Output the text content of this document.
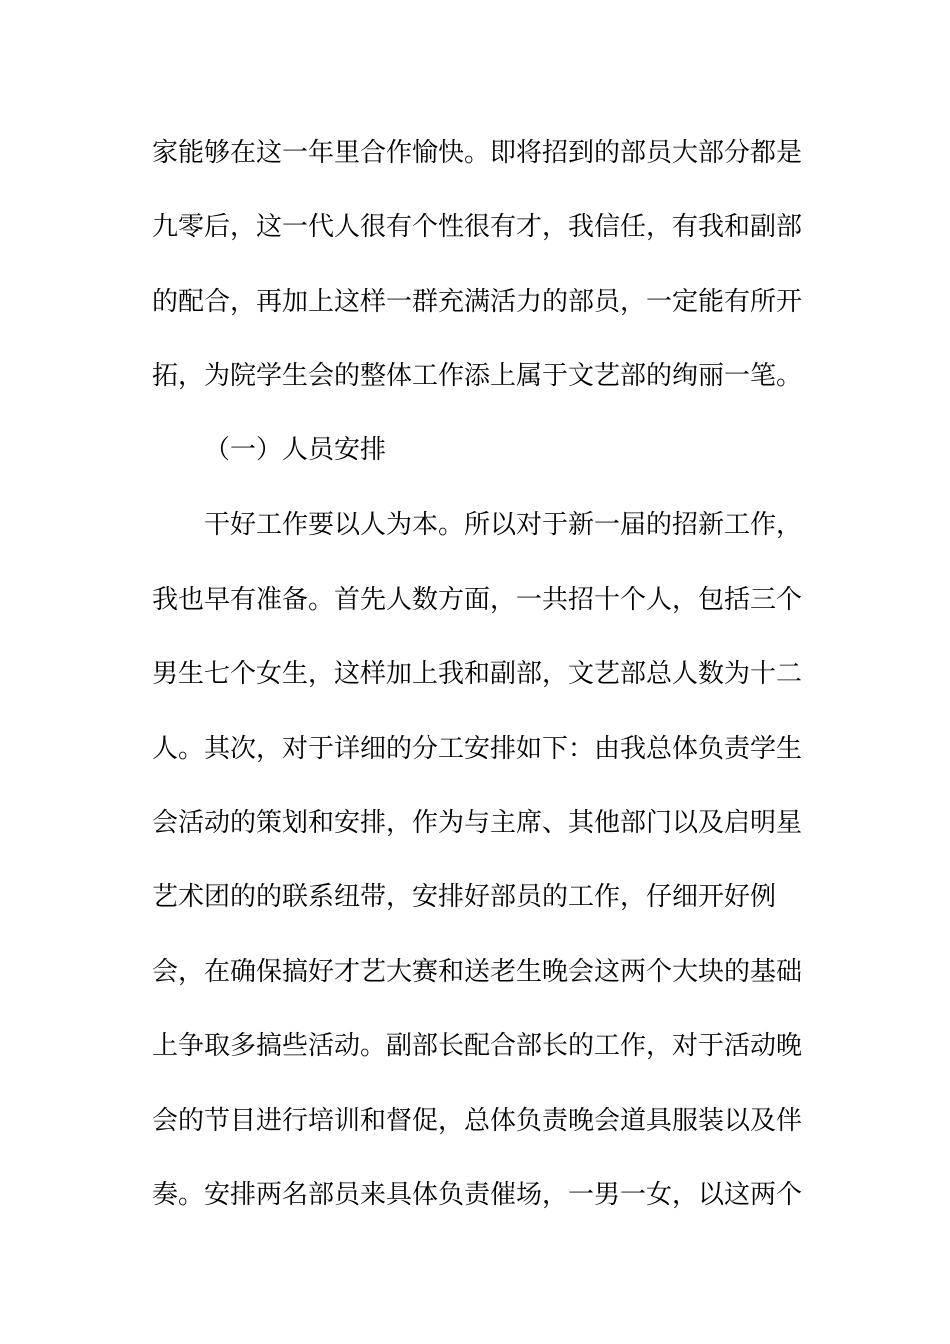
家能够在这一年里合作愉快。即将招到的部员大部分都是

九零后，这一代人很有个性很有才，我信任，有我和副部

的配合，再加上这样一群充满活力的部员，一定能有所开

拓，为院学生会的整体工作添上属于文艺部的绚丽一笔。

（一）人员安排

干好工作要以人为本。所以对于新一届的招新工作，

我也早有准备。首先人数方面，一共招十个人，包括三个

男生七个女生，这样加上我和副部，文艺部总人数为十二

人。其次，对于详细的分工安排如下：由我总体负责学生

会活动的策划和安排，作为与主席、其他部门以及启明星

艺术团的的联系纽带，安排好部员的工作，仔细开好例

会，在确保搞好才艺大赛和送老生晚会这两个大块的基础

上争取多搞些活动。副部长配合部长的工作，对于活动晚

会的节目进行培训和督促，总体负责晚会道具服装以及伴

奏。安排两名部员来具体负责催场，一男一女，以这两个
